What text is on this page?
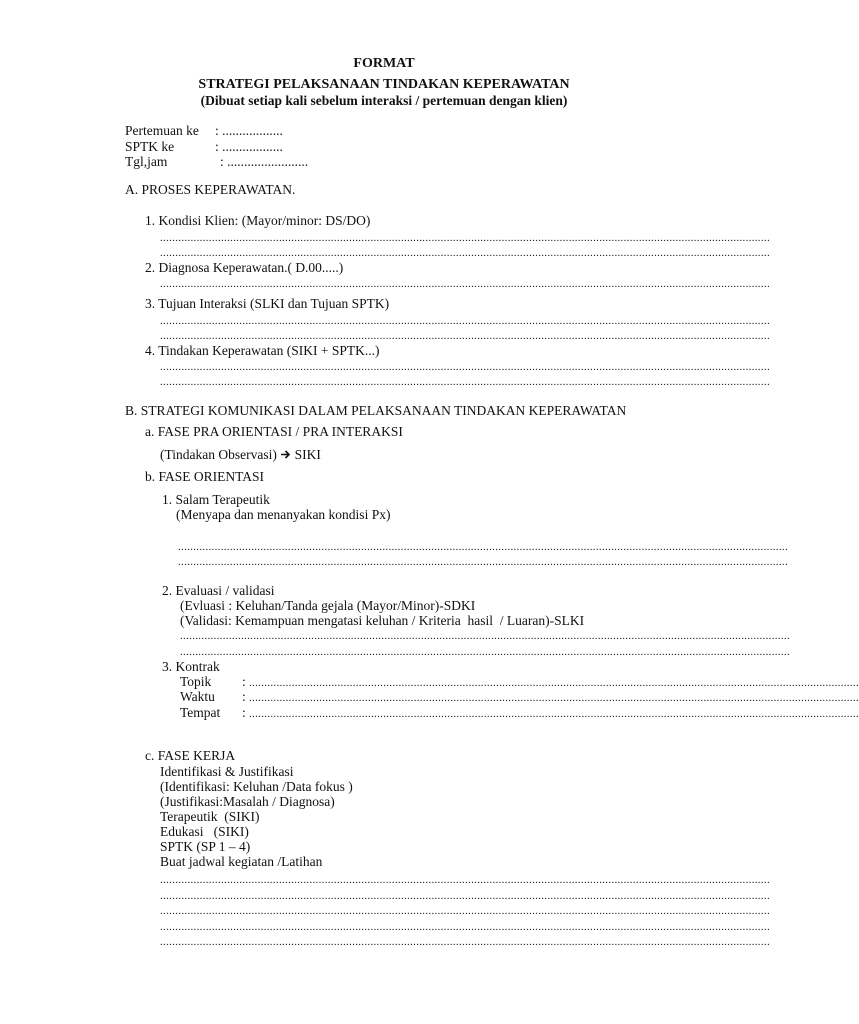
FORMAT
STRATEGI PELAKSANAAN TINDAKAN KEPERAWATAN
(Dibuat setiap kali sebelum interaksi / pertemuan dengan klien)
Pertemuan ke : ..................
SPTK ke	: ..................
Tgl,jam	: ........................
A. PROSES KEPERAWATAN.
1. Kondisi Klien: (Mayor/minor: DS/DO)
........................................................................................................................................................................................................
........................................................................................................................................................................................................
2. Diagnosa Keperawatan.( D.00.....)
........................................................................................................................................................................................................
3. Tujuan Interaksi (SLKI dan Tujuan SPTK)
........................................................................................................................................................................................................
........................................................................................................................................................................................................
4. Tindakan Keperawatan (SIKI + SPTK...)
........................................................................................................................................................................................................
........................................................................................................................................................................................................
B. STRATEGI KOMUNIKASI DALAM PELAKSANAAN TINDAKAN KEPERAWATAN
a. FASE PRA ORIENTASI / PRA INTERAKSI
(Tindakan Observasi) SIKI
b. FASE ORIENTASI
1. Salam Terapeutik
(Menyapa dan menanyakan kondisi Px)
........................................................................................................................................................................................................
........................................................................................................................................................................................................
2. Evaluasi / validasi
(Evluasi : Keluhan/Tanda gejala (Mayor/Minor)-SDKI
(Validasi: Kemampuan mengatasi keluhan / Kriteria  hasil  / Luaran)-SLKI
........................................................................................................................................................................................................
........................................................................................................................................................................................................
3. Kontrak
Topik : ........................................................................................................................................................................................................
Waktu : ........................................................................................................................................................................................................
Tempat : ........................................................................................................................................................................................................
c. FASE KERJA
Identifikasi & Justifikasi
(Identifikasi: Keluhan /Data fokus )
(Justifikasi:Masalah / Diagnosa)
Terapeutik  (SIKI)
Edukasi   (SIKI)
SPTK (SP 1 – 4)
Buat jadwal kegiatan /Latihan
........................................................................................................................................................................................................
........................................................................................................................................................................................................
........................................................................................................................................................................................................
........................................................................................................................................................................................................
........................................................................................................................................................................................................
